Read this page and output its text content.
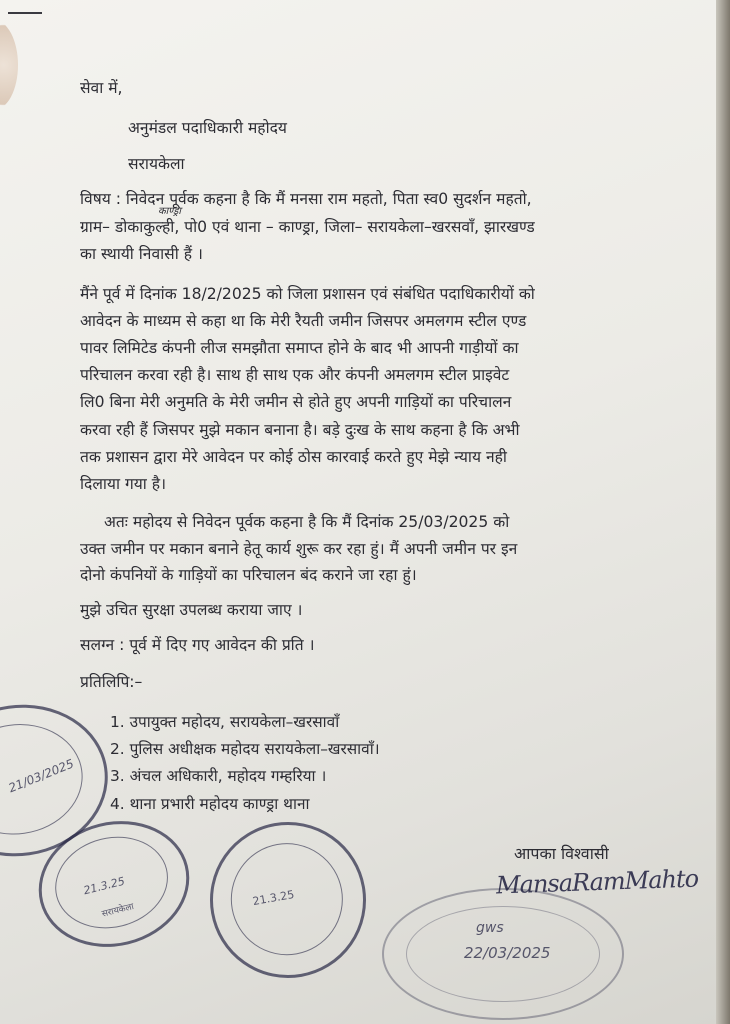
सेवा में,
अनुमंडल पदाधिकारी महोदय
सरायकेला
विषय : निवेदन पूर्वक कहना है कि मैं मनसा राम महतो, पिता स्व0 सुदर्शन महतो,
काण्ड्रा
ग्राम– डोकाकुल्ही, पो0 एवं थाना – काण्ड्रा, जिला– सरायकेला–खरसवाँ, झारखण्ड
का स्थायी निवासी हैं ।
मैंने पूर्व में दिनांक 18/2/2025 को जिला प्रशासन एवं संबंधित पदाधिकारीयों को
आवेदन के माध्यम से कहा था कि मेरी रैयती जमीन जिसपर अमलगम स्टील एण्ड
पावर लिमिटेड कंपनी लीज समझौता समाप्त होने के बाद भी आपनी गाड़ीयों का
परिचालन करवा रही है। साथ ही साथ एक और कंपनी अमलगम स्टील प्राइवेट
लि0 बिना मेरी अनुमति के मेरी जमीन से होते हुए अपनी गाड़ियों का परिचालन
करवा रही हैं जिसपर मुझे मकान बनाना है। बड़े दुःख के साथ कहना है कि अभी
तक प्रशासन द्वारा मेरे आवेदन पर कोई ठोस कारवाई करते हुए मेझे न्याय नही
दिलाया गया है।
अतः महोदय से निवेदन पूर्वक कहना है कि मैं दिनांक 25/03/2025 को
उक्त जमीन पर मकान बनाने हेतू कार्य शुरू कर रहा हुं। मैं अपनी जमीन पर इन
दोनो कंपनियों के गाड़ियों का परिचालन बंद कराने जा रहा हुं।
मुझे उचित सुरक्षा उपलब्ध कराया जाए ।
सलग्न : पूर्व में दिए गए आवेदन की प्रति ।
प्रतिलिपि:–
1. उपायुक्त महोदय, सरायकेला–खरसावाँ
2. पुलिस अधीक्षक महोदय सरायकेला–खरसावाँ।
3. अंचल अधिकारी, महोदय गम्हरिया ।
4. थाना प्रभारी महोदय काण्ड्रा थाना
आपका विश्वासी
MansaRamMahto
21/03/2025
21.3.25
सरायकेला
21.3.25
gws
22/03/2025
